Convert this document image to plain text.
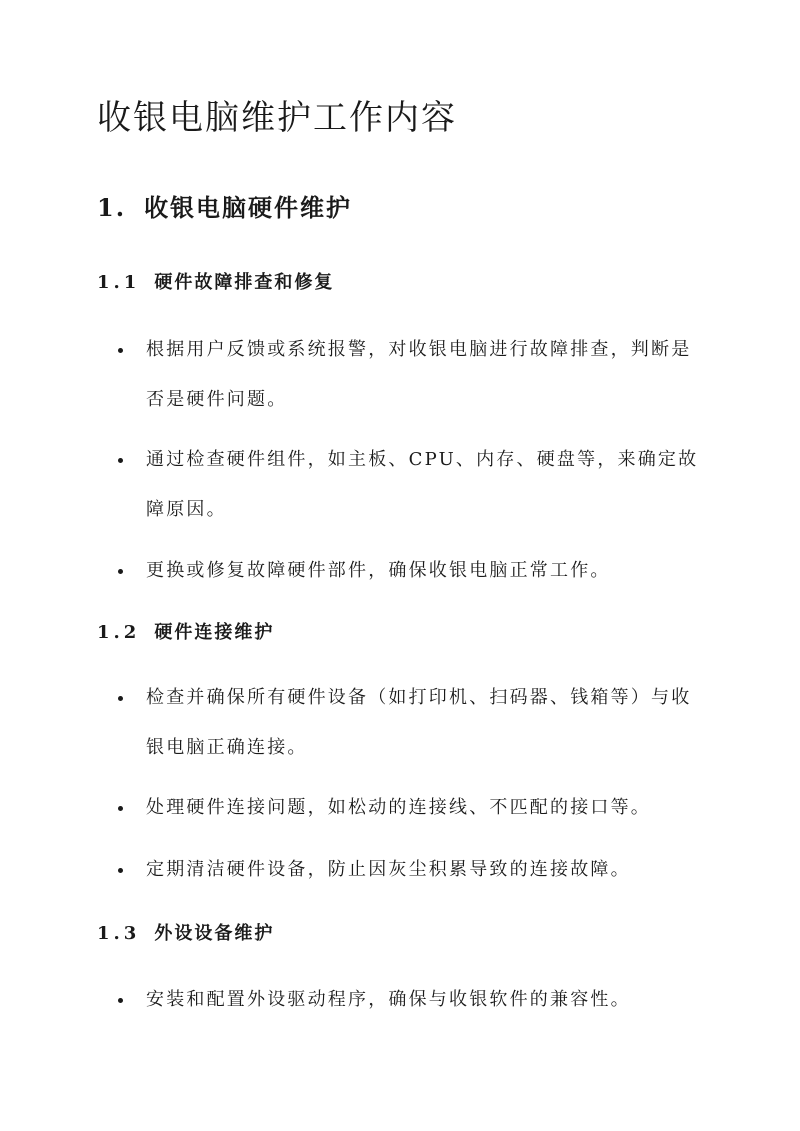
收银电脑维护工作内容
1. 收银电脑硬件维护
1.1 硬件故障排查和修复
根据用户反馈或系统报警，对收银电脑进行故障排查，判断是否是硬件问题。
通过检查硬件组件，如主板、CPU、内存、硬盘等，来确定故障原因。
更换或修复故障硬件部件，确保收银电脑正常工作。
1.2 硬件连接维护
检查并确保所有硬件设备（如打印机、扫码器、钱箱等）与收银电脑正确连接。
处理硬件连接问题，如松动的连接线、不匹配的接口等。
定期清洁硬件设备，防止因灰尘积累导致的连接故障。
1.3 外设设备维护
安装和配置外设驱动程序，确保与收银软件的兼容性。
